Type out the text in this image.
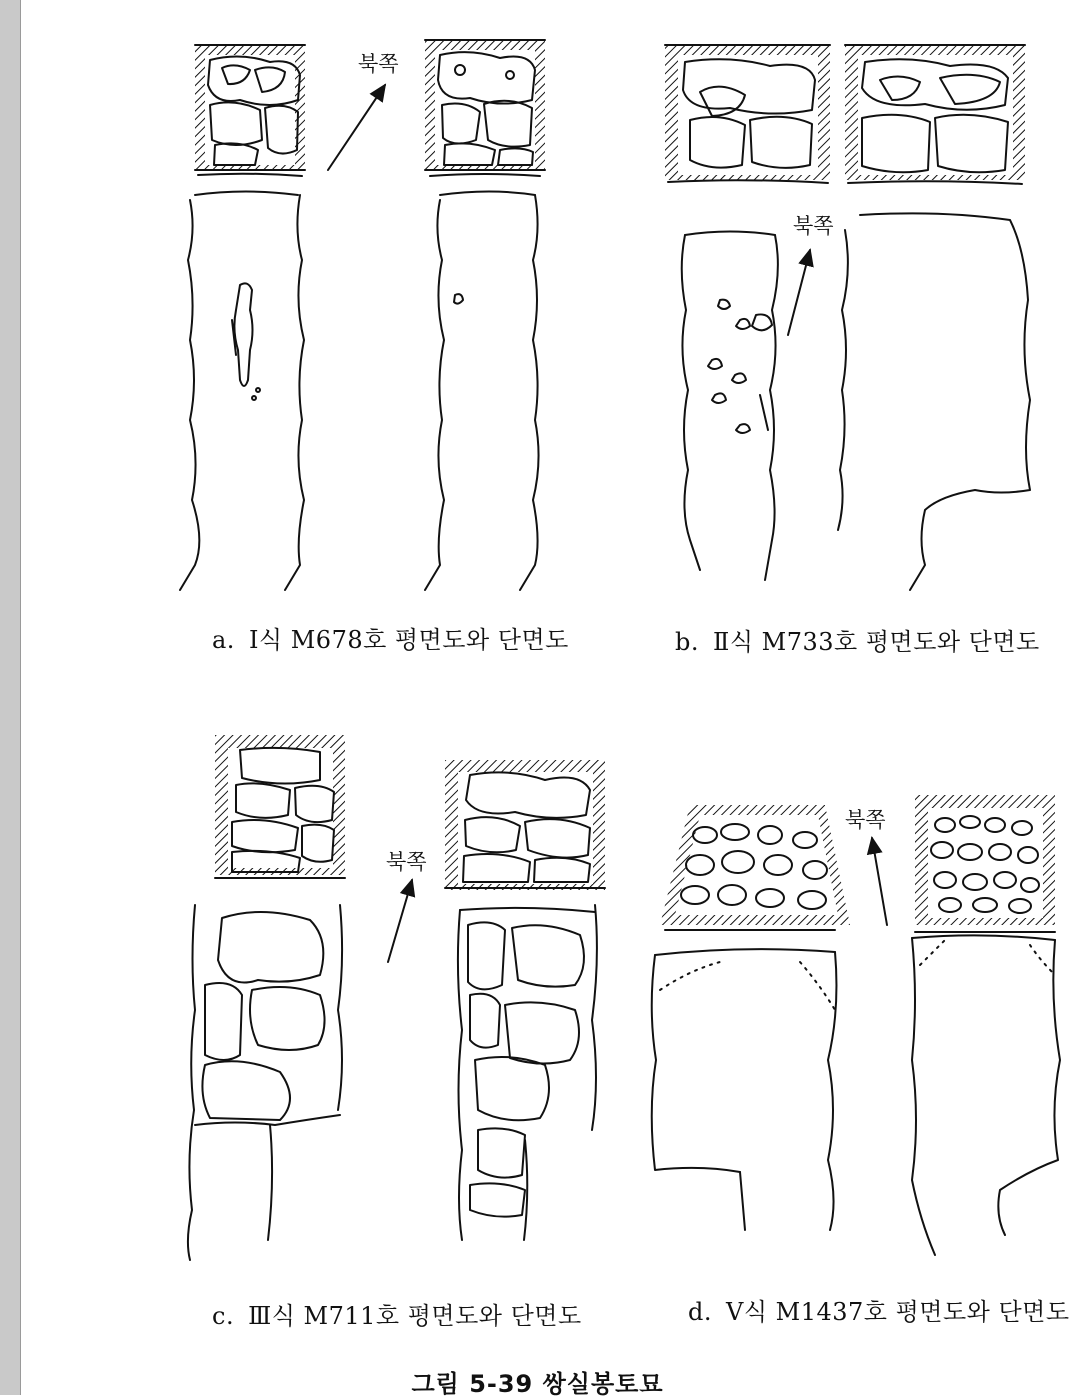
북쪽
북쪽
북쪽
북쪽
a. Ⅰ식 M678호 평면도와 단면도	b. Ⅱ식 M733호 평면도와 단면도
c. Ⅲ식 M711호 평면도와 단면도	d. Ⅴ식 M1437호 평면도와 단면도
그림 5-39 쌍실봉토묘
